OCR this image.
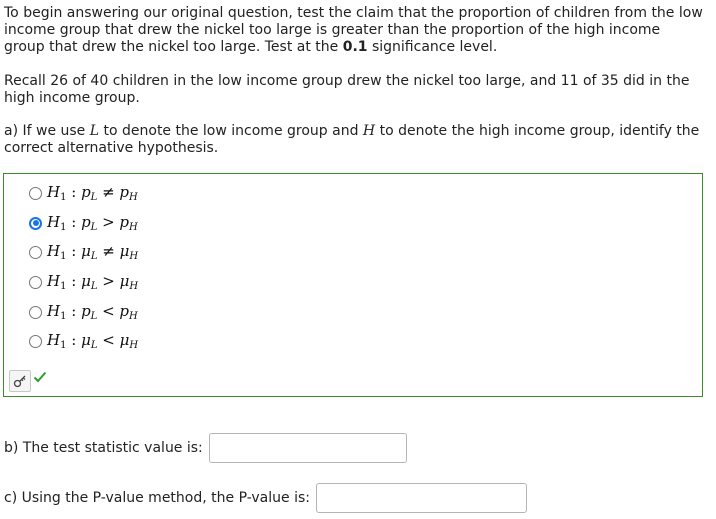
To begin answering our original question, test the claim that the proportion of children from the low income group that drew the nickel too large is greater than the proportion of the high income group that drew the nickel too large. Test at the 0.1 significance level.

Recall 26 of 40 children in the low income group drew the nickel too large, and 11 of 35 did in the high income group.

a) If we use L to denote the low income group and H to denote the high income group, identify the correct alternative hypothesis.

$H_1$ : $p_L \ne p_H$
$H_1$ : $p_L > p_H$
$H_1$ : $\mu_L \ne \mu_H$
$H_1$ : $\mu_L > \mu_H$
$H_1$ : $p_L < p_H$
$H_1$ : $\mu_L < \mu_H$
b) The test statistic value is:
c) Using the P-value method, the P-value is:
